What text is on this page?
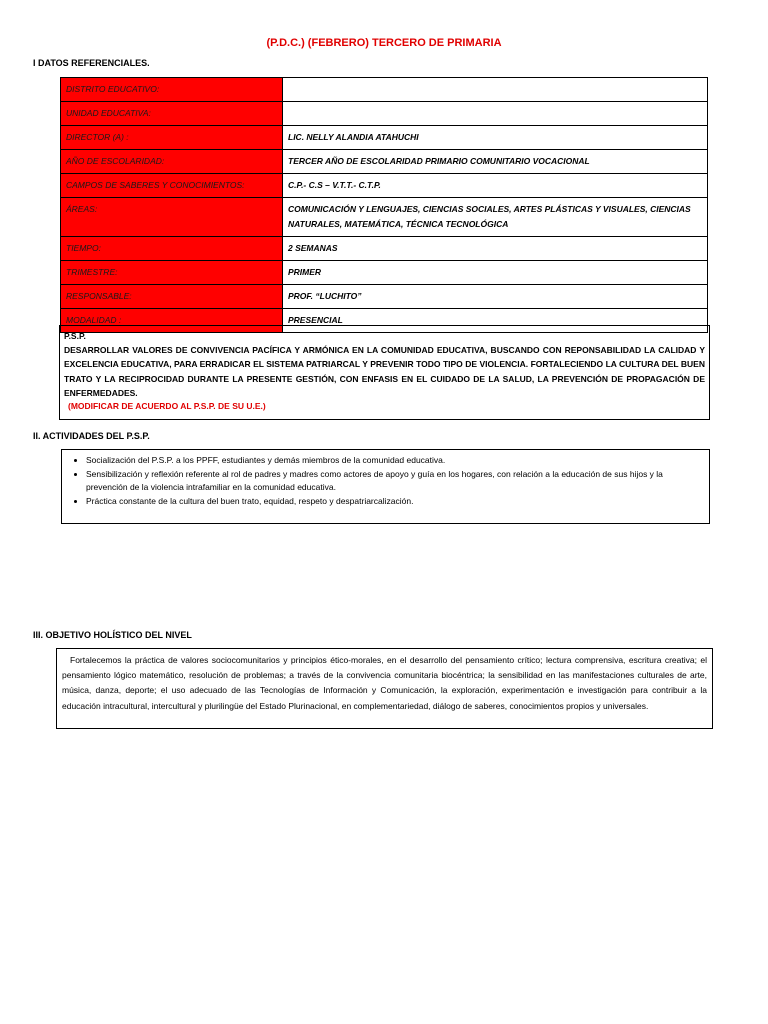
(P.D.C.) (FEBRERO) TERCERO DE PRIMARIA
I DATOS REFERENCIALES.
DISTRITO EDUCATIVO:	
UNIDAD EDUCATIVA:	
DIRECTOR (A) :	LIC. NELLY ALANDIA ATAHUCHI
AÑO DE ESCOLARIDAD:	TERCER AÑO DE ESCOLARIDAD PRIMARIO COMUNITARIO VOCACIONAL
CAMPOS DE SABERES Y CONOCIMIENTOS:	C.P.- C.S – V.T.T.- C.T.P.
ÁREAS:	COMUNICACIÓN Y LENGUAJES, CIENCIAS SOCIALES, ARTES PLÁSTICAS Y VISUALES, CIENCIAS NATURALES, MATEMÁTICA, TÉCNICA TECNOLÓGICA
TIEMPO:	2 SEMANAS
TRIMESTRE:	PRIMER
RESPONSABLE:	PROF. “LUCHITO”
MODALIDAD :	PRESENCIAL
P.S.P.
DESARROLLAR VALORES DE CONVIVENCIA PACÍFICA Y ARMÓNICA EN LA COMUNIDAD EDUCATIVA, BUSCANDO CON REPONSABILIDAD LA CALIDAD Y EXCELENCIA EDUCATIVA, PARA ERRADICAR EL SISTEMA PATRIARCAL Y PREVENIR TODO TIPO DE VIOLENCIA. FORTALECIENDO LA CULTURA DEL BUEN TRATO Y LA RECIPROCIDAD DURANTE LA PRESENTE GESTIÓN, CON ENFASIS EN EL CUIDADO DE LA SALUD, LA PREVENCIÓN DE PROPAGACIÓN DE ENFERMEDADES.
(MODIFICAR DE ACUERDO AL P.S.P. DE SU U.E.)
II. ACTIVIDADES DEL P.S.P.
• Socialización del P.S.P. a los PPFF, estudiantes y demás miembros de la comunidad educativa.
• Sensibilización y reflexión referente al rol de padres y madres como actores de apoyo y guía en los hogares, con relación a la educación de sus hijos y la prevención de la violencia intrafamiliar en la comunidad educativa.
• Práctica constante de la cultura del buen trato, equidad, respeto y despatriarcalización.
III. OBJETIVO HOLÍSTICO DEL NIVEL
Fortalecemos la práctica de valores sociocomunitarios y principios ético-morales, en el desarrollo del pensamiento crítico; lectura comprensiva, escritura creativa; el pensamiento lógico matemático, resolución de problemas; a través de la convivencia comunitaria biocéntrica; la sensibilidad en las manifestaciones culturales de arte, música, danza, deporte; el uso adecuado de las Tecnologías de Información y Comunicación, la exploración, experimentación e investigación para contribuir a la educación intracultural, intercultural y plurilingüe del Estado Plurinacional, en complementariedad, diálogo de saberes, conocimientos propios y universales.
